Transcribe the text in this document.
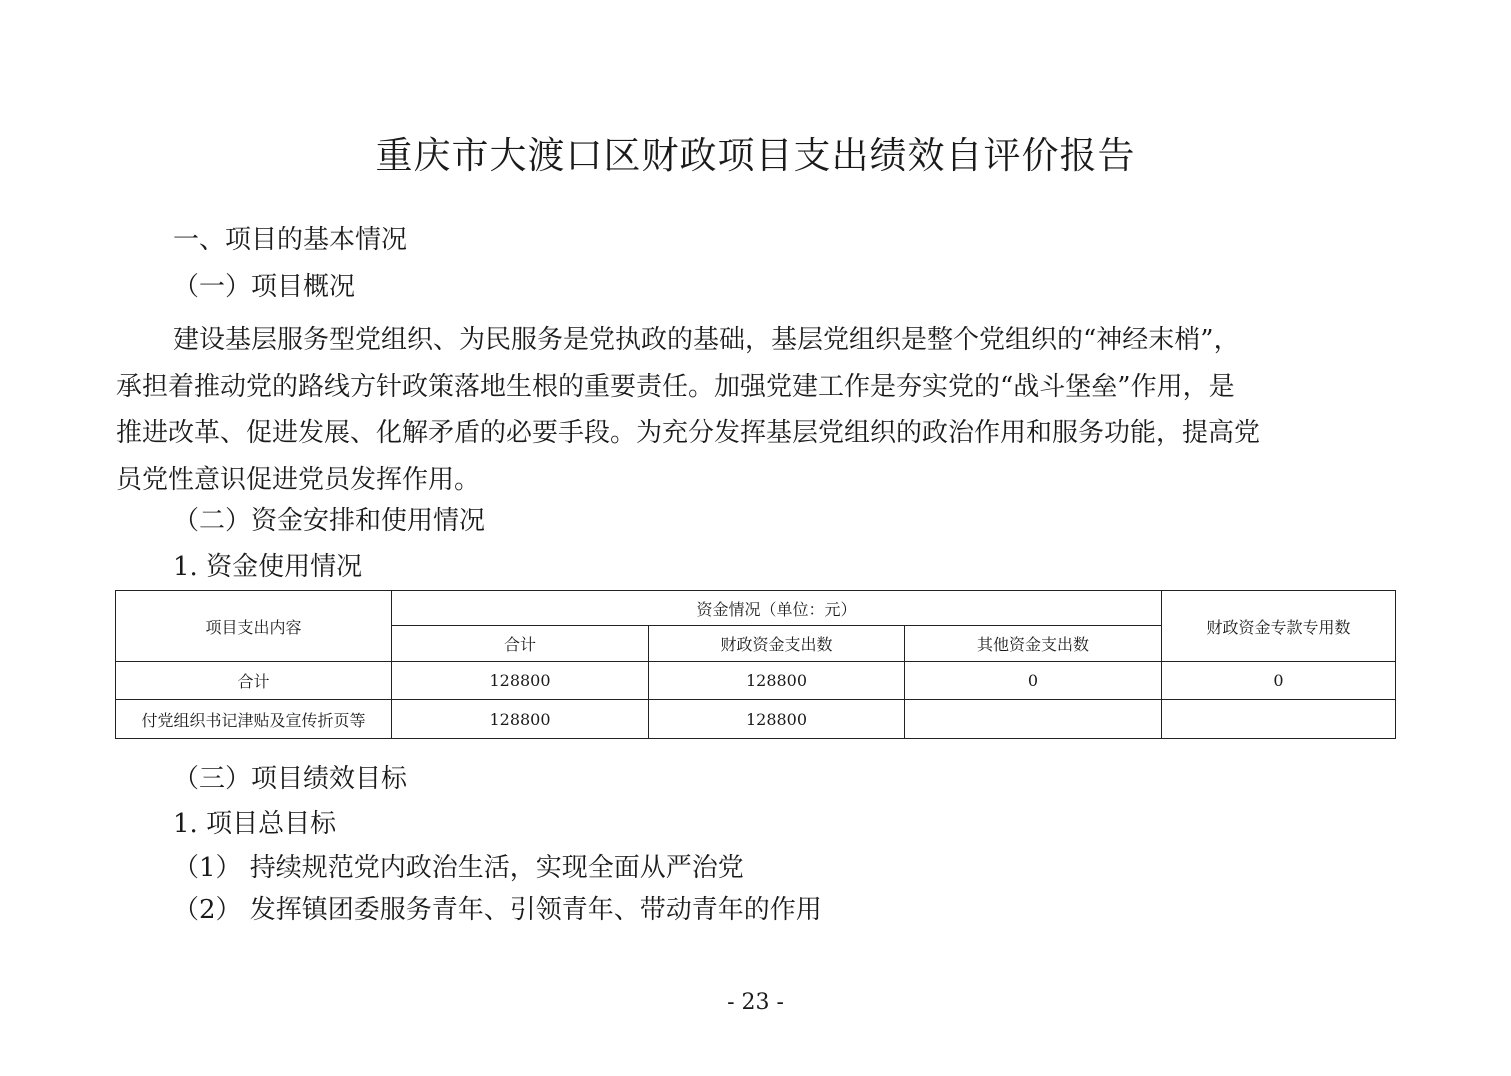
重庆市大渡口区财政项目支出绩效自评价报告
一、项目的基本情况
（一）项目概况
建设基层服务型党组织、为民服务是党执政的基础，基层党组织是整个党组织的“神经末梢”，
承担着推动党的路线方针政策落地生根的重要责任。加强党建工作是夯实党的“战斗堡垒”作用，是
推进改革、促进发展、化解矛盾的必要手段。为充分发挥基层党组织的政治作用和服务功能，提高党
员党性意识促进党员发挥作用。
（二）资金安排和使用情况
1. 资金使用情况
项目支出内容	资金情况（单位：元）			财政资金专款专用数
	合计	财政资金支出数	其他资金支出数	
合计	128800	128800	0	0
付党组织书记津贴及宣传折页等	128800	128800		
（三）项目绩效目标
1. 项目总目标
（1） 持续规范党内政治生活，实现全面从严治党
（2） 发挥镇团委服务青年、引领青年、带动青年的作用
- 23 -
